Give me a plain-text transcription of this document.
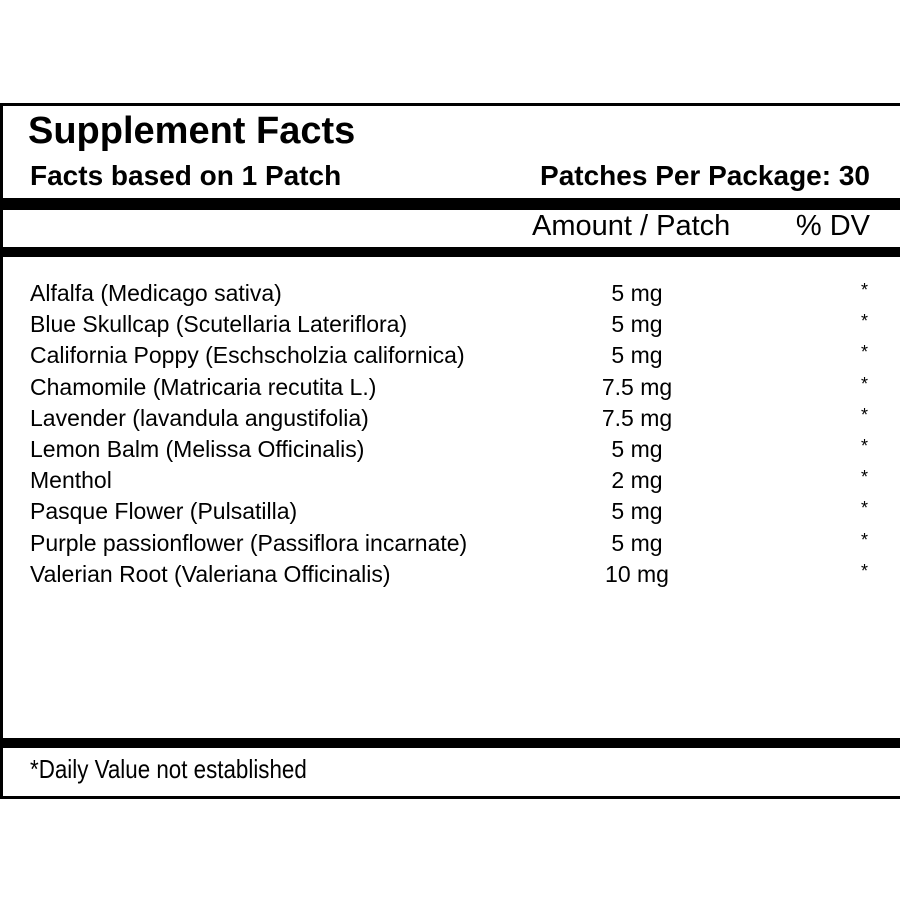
Supplement Facts
Facts based on 1 Patch	Patches Per Package: 30
Amount / Patch % DV
Alfalfa (Medicago sativa)	5 mg	*
Blue Skullcap (Scutellaria Lateriflora)	5 mg	*
California Poppy (Eschscholzia californica)	5 mg	*
Chamomile (Matricaria recutita L.)	7.5 mg	*
Lavender (lavandula angustifolia)	7.5 mg	*
Lemon Balm (Melissa Officinalis)	5 mg	*
Menthol	2 mg	*
Pasque Flower (Pulsatilla)	5 mg	*
Purple passionflower (Passiflora incarnate)	5 mg	*
Valerian Root (Valeriana Officinalis)	10 mg	*
*Daily Value not established
